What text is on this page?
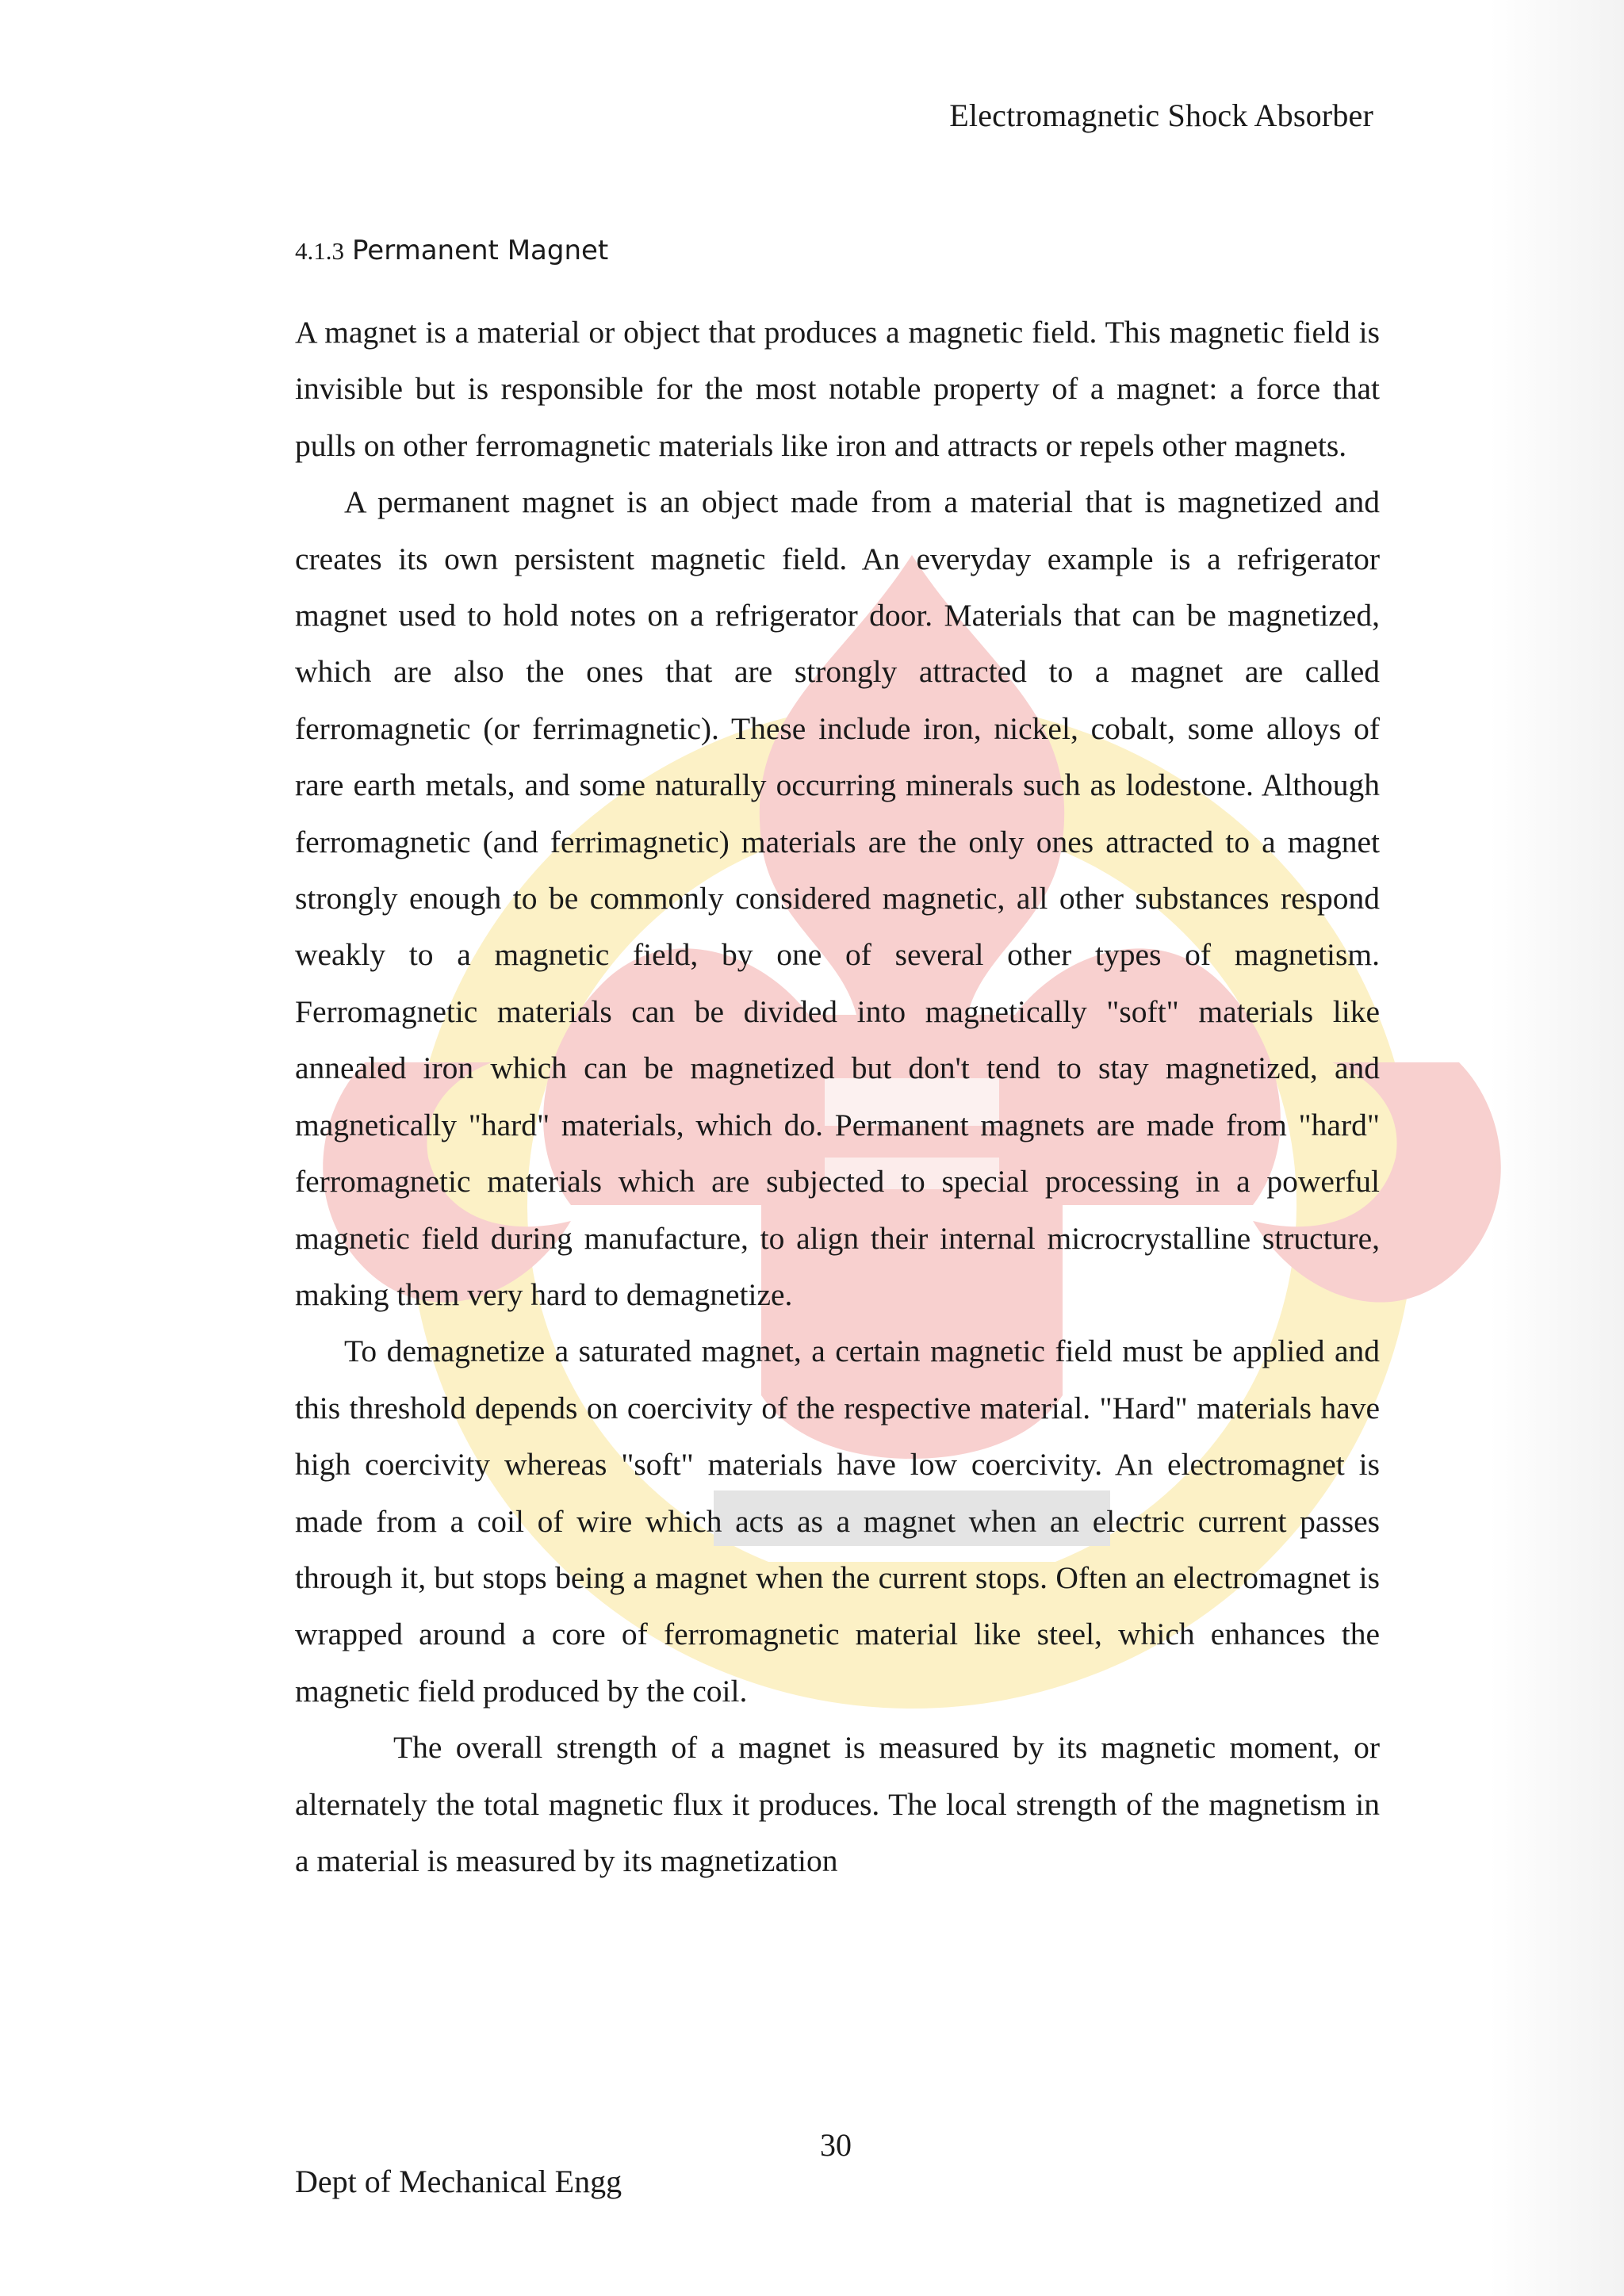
Electromagnetic Shock Absorber
4.1.3 Permanent Magnet

A magnet is a material or object that produces a magnetic field. This magnetic field is invisible but is responsible for the most notable property of a magnet: a force that pulls on other ferromagnetic materials like iron and attracts or repels other magnets.

A permanent magnet is an object made from a material that is magnetized and creates its own persistent magnetic field. An everyday example is a refrigerator magnet used to hold notes on a refrigerator door. Materials that can be magnetized, which are also the ones that are strongly attracted to a magnet are called ferromagnetic (or ferrimagnetic). These include iron, nickel, cobalt, some alloys of rare earth metals, and some naturally occurring minerals such as lodestone. Although ferromagnetic (and ferrimagnetic) materials are the only ones attracted to a magnet strongly enough to be commonly considered magnetic, all other substances respond weakly to a magnetic field, by one of several other types of magnetism. Ferromagnetic materials can be divided into magnetically "soft" materials like annealed iron which can be magnetized but don't tend to stay magnetized, and magnetically "hard" materials, which do. Permanent magnets are made from "hard" ferromagnetic materials which are subjected to special processing in a powerful magnetic field during manufacture, to align their internal microcrystalline structure, making them very hard to demagnetize.

To demagnetize a saturated magnet, a certain magnetic field must be applied and this threshold depends on coercivity of the respective material. "Hard" materials have high coercivity whereas "soft" materials have low coercivity. An electromagnet is made from a coil of wire which acts as a magnet when an electric current passes through it, but stops being a magnet when the current stops. Often an electromagnet is wrapped around a core of ferromagnetic material like steel, which enhances the magnetic field produced by the coil.

The overall strength of a magnet is measured by its magnetic moment, or alternately the total magnetic flux it produces. The local strength of the magnetism in a material is measured by its magnetization

30
Dept of Mechanical Engg
